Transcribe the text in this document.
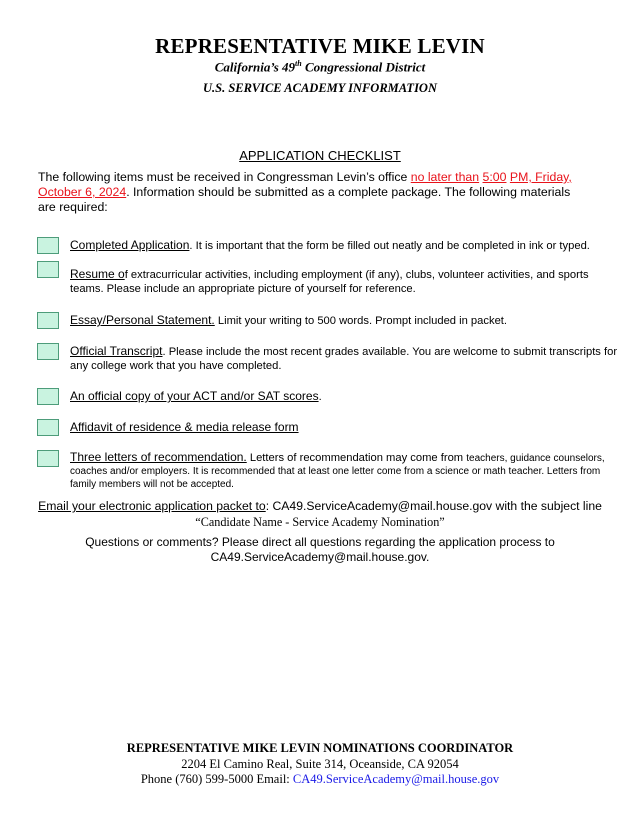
REPRESENTATIVE MIKE LEVIN
California’s 49th Congressional District
U.S. SERVICE ACADEMY INFORMATION
APPLICATION CHECKLIST
The following items must be received in Congressman Levin’s office no later than 5:00 PM, Friday, October 6, 2024. Information should be submitted as a complete package. The following materials are required:
Completed Application. It is important that the form be filled out neatly and be completed in ink or typed.
Resume of extracurricular activities, including employment (if any), clubs, volunteer activities, and sports teams. Please include an appropriate picture of yourself for reference.
Essay/Personal Statement. Limit your writing to 500 words. Prompt included in packet.
Official Transcript. Please include the most recent grades available. You are welcome to submit transcripts for any college work that you have completed.
An official copy of your ACT and/or SAT scores.
Affidavit of residence & media release form
Three letters of recommendation. Letters of recommendation may come from teachers, guidance counselors, coaches and/or employers. It is recommended that at least one letter come from a science or math teacher. Letters from family members will not be accepted.
Email your electronic application packet to: CA49.ServiceAcademy@mail.house.gov with the subject line
“Candidate Name - Service Academy Nomination”
Questions or comments? Please direct all questions regarding the application process to
CA49.ServiceAcademy@mail.house.gov.
REPRESENTATIVE MIKE LEVIN NOMINATIONS COORDINATOR
2204 El Camino Real, Suite 314, Oceanside, CA 92054
Phone (760) 599-5000 Email: CA49.ServiceAcademy@mail.house.gov
